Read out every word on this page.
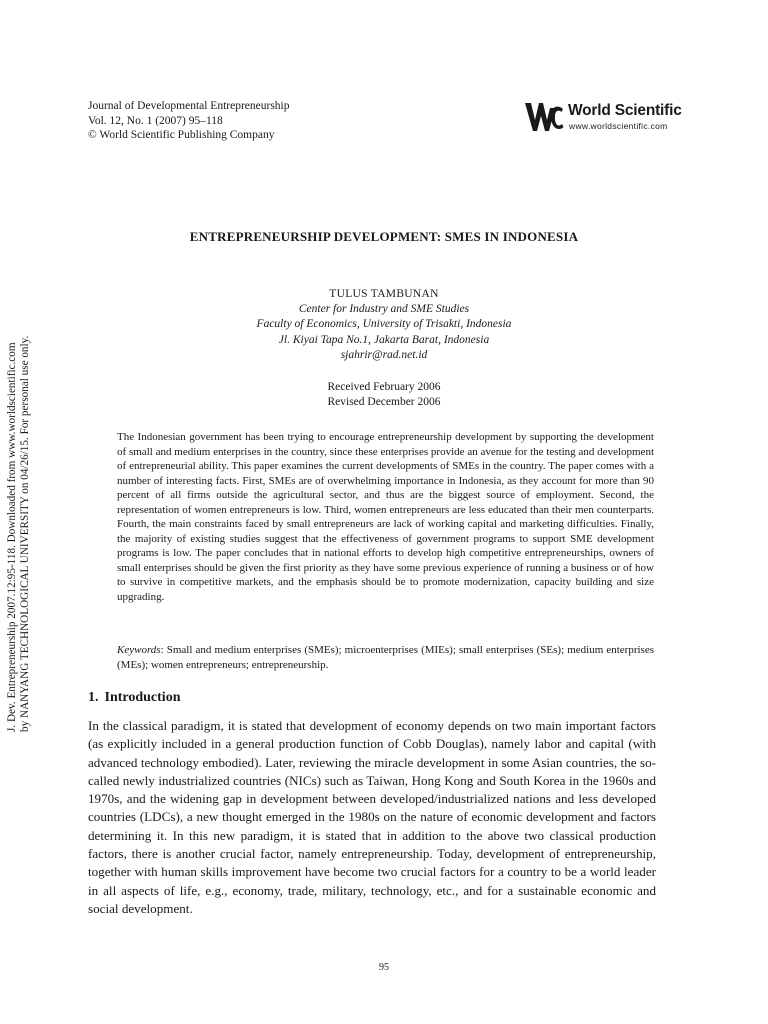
Journal of Developmental Entrepreneurship
Vol. 12, No. 1 (2007) 95–118
© World Scientific Publishing Company
World Scientific
www.worldscientific.com
J. Dev. Entrepreneurship 2007.12:95-118. Downloaded from www.worldscientific.com by NANYANG TECHNOLOGICAL UNIVERSITY on 04/26/15. For personal use only.
ENTREPRENEURSHIP DEVELOPMENT: SMES IN INDONESIA
TULUS TAMBUNAN
Center for Industry and SME Studies
Faculty of Economics, University of Trisakti, Indonesia
Jl. Kiyai Tapa No.1, Jakarta Barat, Indonesia
sjahrir@rad.net.id
Received February 2006
Revised December 2006

The Indonesian government has been trying to encourage entrepreneurship development by supporting the development of small and medium enterprises in the country, since these enterprises provide an avenue for the testing and development of entrepreneurial ability. This paper examines the current developments of SMEs in the country. The paper comes with a number of interesting facts. First, SMEs are of overwhelming importance in Indonesia, as they account for more than 90 percent of all firms outside the agricultural sector, and thus are the biggest source of employment. Second, the representation of women entrepreneurs is low. Third, women entrepreneurs are less educated than their men counterparts. Fourth, the main constraints faced by small entrepreneurs are lack of working capital and marketing difficulties. Finally, the majority of existing studies suggest that the effectiveness of government programs to support SME development programs is low. The paper concludes that in national efforts to develop high competitive entrepreneurships, owners of small enterprises should be given the first priority as they have some previous experience of running a business or of how to survive in competitive markets, and the emphasis should be to promote modernization, capacity building and size upgrading.

Keywords: Small and medium enterprises (SMEs); microenterprises (MIEs); small enterprises (SEs); medium enterprises (MEs); women entrepreneurs; entrepreneurship.

1. Introduction

In the classical paradigm, it is stated that development of economy depends on two main important factors (as explicitly included in a general production function of Cobb Douglas), namely labor and capital (with advanced technology embodied). Later, reviewing the miracle development in some Asian countries, the so-called newly industrialized countries (NICs) such as Taiwan, Hong Kong and South Korea in the 1960s and 1970s, and the widening gap in development between developed/industrialized nations and less developed countries (LDCs), a new thought emerged in the 1980s on the nature of economic development and factors determining it. In this new paradigm, it is stated that in addition to the above two classical production factors, there is another crucial factor, namely entrepreneurship. Today, development of entrepreneurship, together with human skills improvement have become two crucial factors for a country to be a world leader in all aspects of life, e.g., economy, trade, military, technology, etc., and for a sustainable economic and social development.

95
